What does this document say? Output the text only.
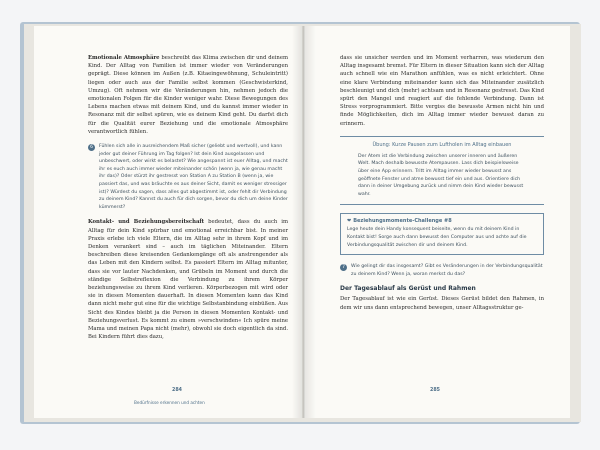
Emotionale Atmosphäre beschreibt das Klima zwischen dir und deinem Kind. Der Alltag von Familien ist immer wieder von Veränderungen geprägt. Diese können im Außen (z.B. Kitaeingewöhnung, Schuleintritt) liegen oder auch aus der Familie selbst kommen (Geschwisterkind, Umzug). Oft nehmen wir die Veränderungen hin, nehmen jedoch die emotionalen Folgen für die Kinder weniger wahr. Diese Bewegungen des Lebens machen etwas mit deinem Kind, und du kannst immer wieder in Resonanz mit dir selbst spüren, wie es deinem Kind geht. Du darfst dich für die Qualität eurer Beziehung und die emotionale Atmosphäre verantwortlich fühlen.

6	Fühlen sich alle in ausreichendem Maß sicher (geliebt und wertvoll), und kann jeder gut deiner Führung im Tag folgen? Ist dein Kind ausgelassen und unbeschwert, oder wirkt es belastet? Wie angespannt ist euer Alltag, und macht ihr es euch auch immer wieder miteinander schön (wenn ja, wie genau macht ihr das)? Oder stürzt ihr gestresst von Station A zu Station B (wenn ja, wie passiert das, und was bräuchte es aus deiner Sicht, damit es weniger stressiger ist)? Würdest du sagen, dass alles gut abgestimmt ist, oder fehlt dir Verbindung zu deinem Kind? Kannst du auch für dich sorgen, bevor du dich um deine Kinder kümmerst?

Kontakt- und Beziehungsbereitschaft bedeutet, dass du auch im Alltag für dein Kind spürbar und emotional erreichbar bist. In meiner Praxis erlebe ich viele Eltern, die im Alltag sehr in ihrem Kopf und im Denken verankert sind – auch im täglichen Miteinander. Eltern beschreiben diese kreisenden Gedankengänge oft als anstrengender als das Leben mit den Kindern selbst. Es passiert Eltern im Alltag mitunter, dass sie vor lauter Nachdenken, und Grübeln im Moment und durch die ständige Selbstreflexion die Verbindung zu ihrem Körper beziehungsweise zu ihrem Kind verlieren. Körperbezogen mit wird oder sie in diesen Momenten dauerhaft. In diesen Momenten kann das Kind dann nicht mehr gut eine für die wichtige Selbstanbindung einbüßen. Aus Sicht des Kindes bleibt ja die Person in diesen Momenten Kontakt- und Beziehungsverlust. Es kommt zu einem »verschwinden« Ich spüre meine Mama und meinen Papa nicht (mehr), obwohl sie doch eigentlich da sind. Bei Kindern führt dies dazu,

284
Bedürfnisse erkennen und achten

dass sie unsicher werden und im Moment verharren, was wiederum den Alltag insgesamt bremst. Für Eltern in dieser Situation kann sich der Alltag auch schnell wie ein Marathon anfühlen, was es nicht erleichtert. Ohne eine klare Verbindung miteinander kann sich das Miteinander zusätzlich beschleunigt und dich (mehr) achtsam und in Resonanz gestresst. Das Kind spürt den Mangel und reagiert auf die fehlende Verbindung. Dann ist Stress vorprogrammiert. Bitte vergiss die bewusste Armen nicht hin und finde Möglichkeiten, dich im Alltag immer wieder bewusst daran zu erinnern.

Übung: Kurze Pausen zum Luftholen im Alltag einbauen

Der Atem ist die Verbindung zwischen unserer inneren und äußeren Welt. Mach deshalb bewusste Atempausen. Lass dich beispielsweise über eine App erinnern. Tritt im Alltag immer wieder bewusst ans geöffnete Fenster und atme bewusst tief ein und aus. Orientiere dich dann in deiner Umgebung zurück und nimm dein Kind wieder bewusst wahr.

❤ Beziehungsmomente-Challenge #8

Lege heute dein Handy konsequent beiseite, wenn du mit deinem Kind in Kontakt bist! Sorge auch dann bewusst den Computer aus und achte auf die Verbindungsqualität zwischen dir und deinem Kind.

7	Wie gelingt dir das insgesamt? Gibt es Veränderungen in der Verbindungsqualität zu deinem Kind? Wenn ja, woran merkst du das?

Der Tagesablauf als Gerüst und Rahmen

Der Tagesablauf ist wie ein Gerüst. Dieses Gerüst bildet den Rahmen, in dem wir uns dann entsprechend bewegen, unser Alltagsstruktur ge-

285
